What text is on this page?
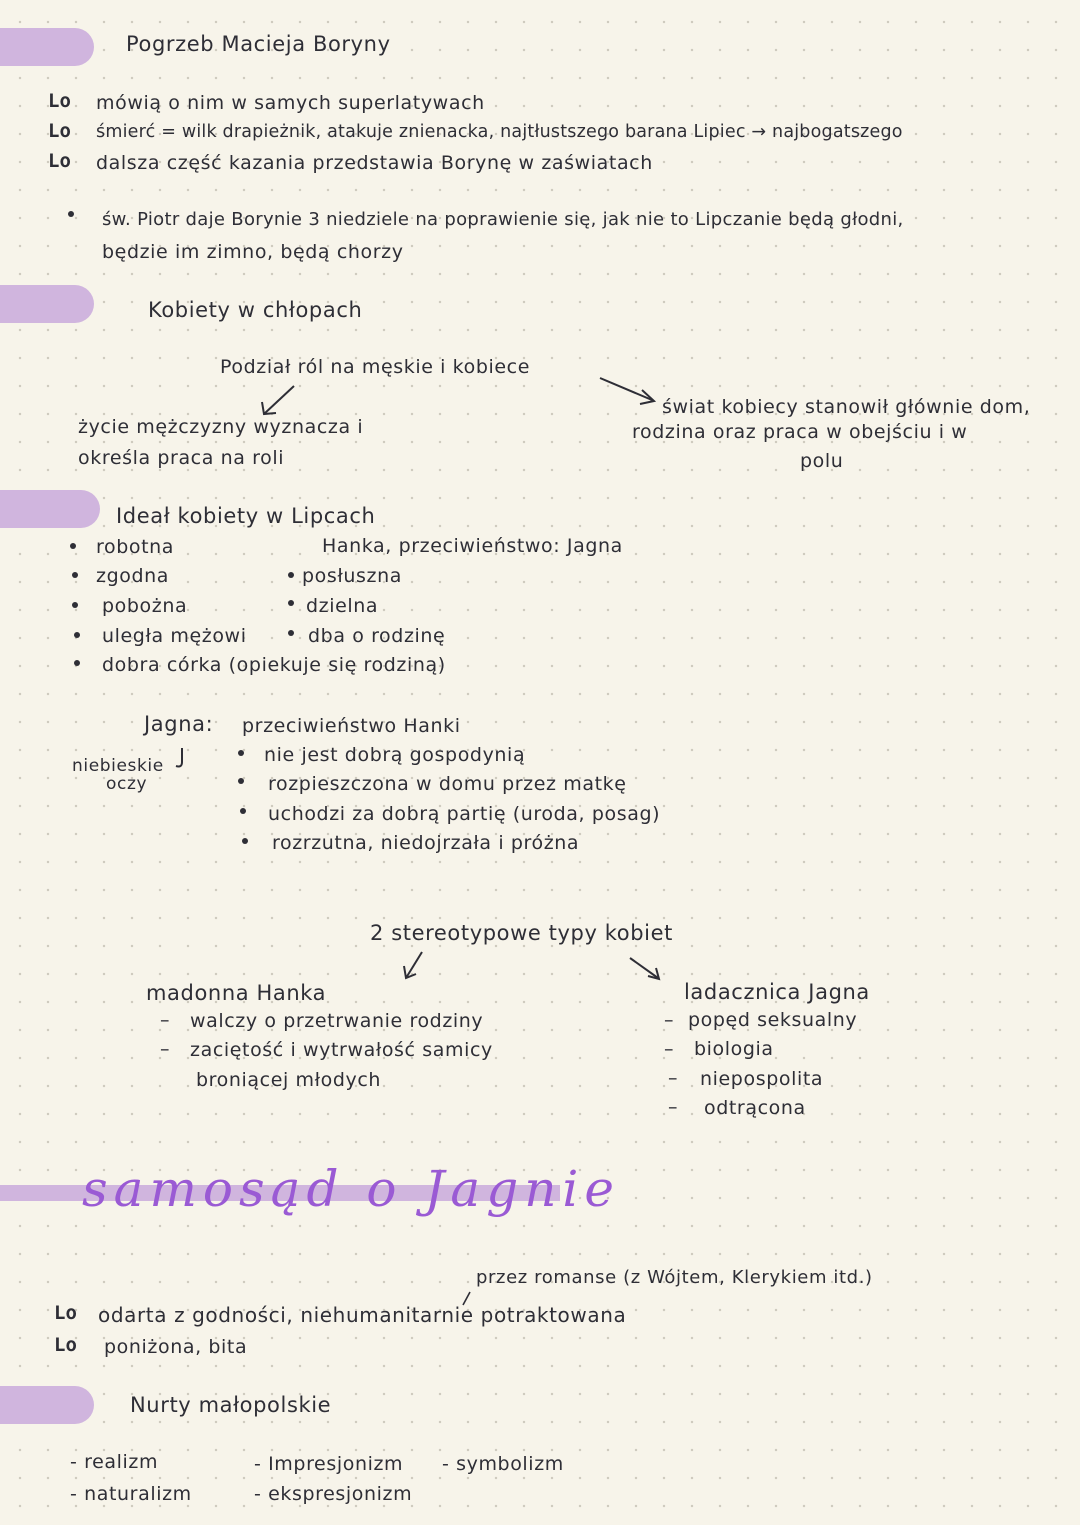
Pogrzeb Macieja Boryny
Lo mówią o nim w samych superlatywach
Lo śmierć = wilk drapieżnik, atakuje znienacka, najtłustszego barana Lipiec → najbogatszego
Lo dalsza część kazania przedstawia Borynę w zaświatach
św. Piotr daje Borynie 3 niedziele na poprawienie się, jak nie to Lipczanie będą głodni,
będzie im zimno, będą chorzy
Kobiety w chłopach
Podział ról na męskie i kobiece
życie mężczyzny wyznacza i
określa praca na roli
świat kobiecy stanowił głównie dom,
rodzina oraz praca w obejściu i w
polu
Ideał kobiety w Lipcach
Hanka, przeciwieństwo: Jagna
robotna
zgodna
pobożna
uległa mężowi
dobra córka (opiekuje się rodziną)
posłuszna
dzielna
dba o rodzinę
Jagna: przeciwieństwo Hanki
niebieskie
oczy
nie jest dobrą gospodynią
rozpieszczona w domu przez matkę
uchodzi za dobrą partię (uroda, posag)
rozrzutna, niedojrzała i próżna
2 stereotypowe typy kobiet
madonna Hanka
– walczy o przetrwanie rodziny
– zaciętość i wytrwałość samicy
broniącej młodych
ladacznica Jagna
– popęd seksualny
– biologia
– niepospolita
– odtrącona
samosąd o Jagnie
przez romanse (z Wójtem, Klerykiem itd.)
Lo odarta z godności, niehumanitarnie potraktowana
Lo poniżona, bita
Nurty małopolskie
- realizm
- naturalizm
- Impresjonizm
- ekspresjonizm
- symbolizm
